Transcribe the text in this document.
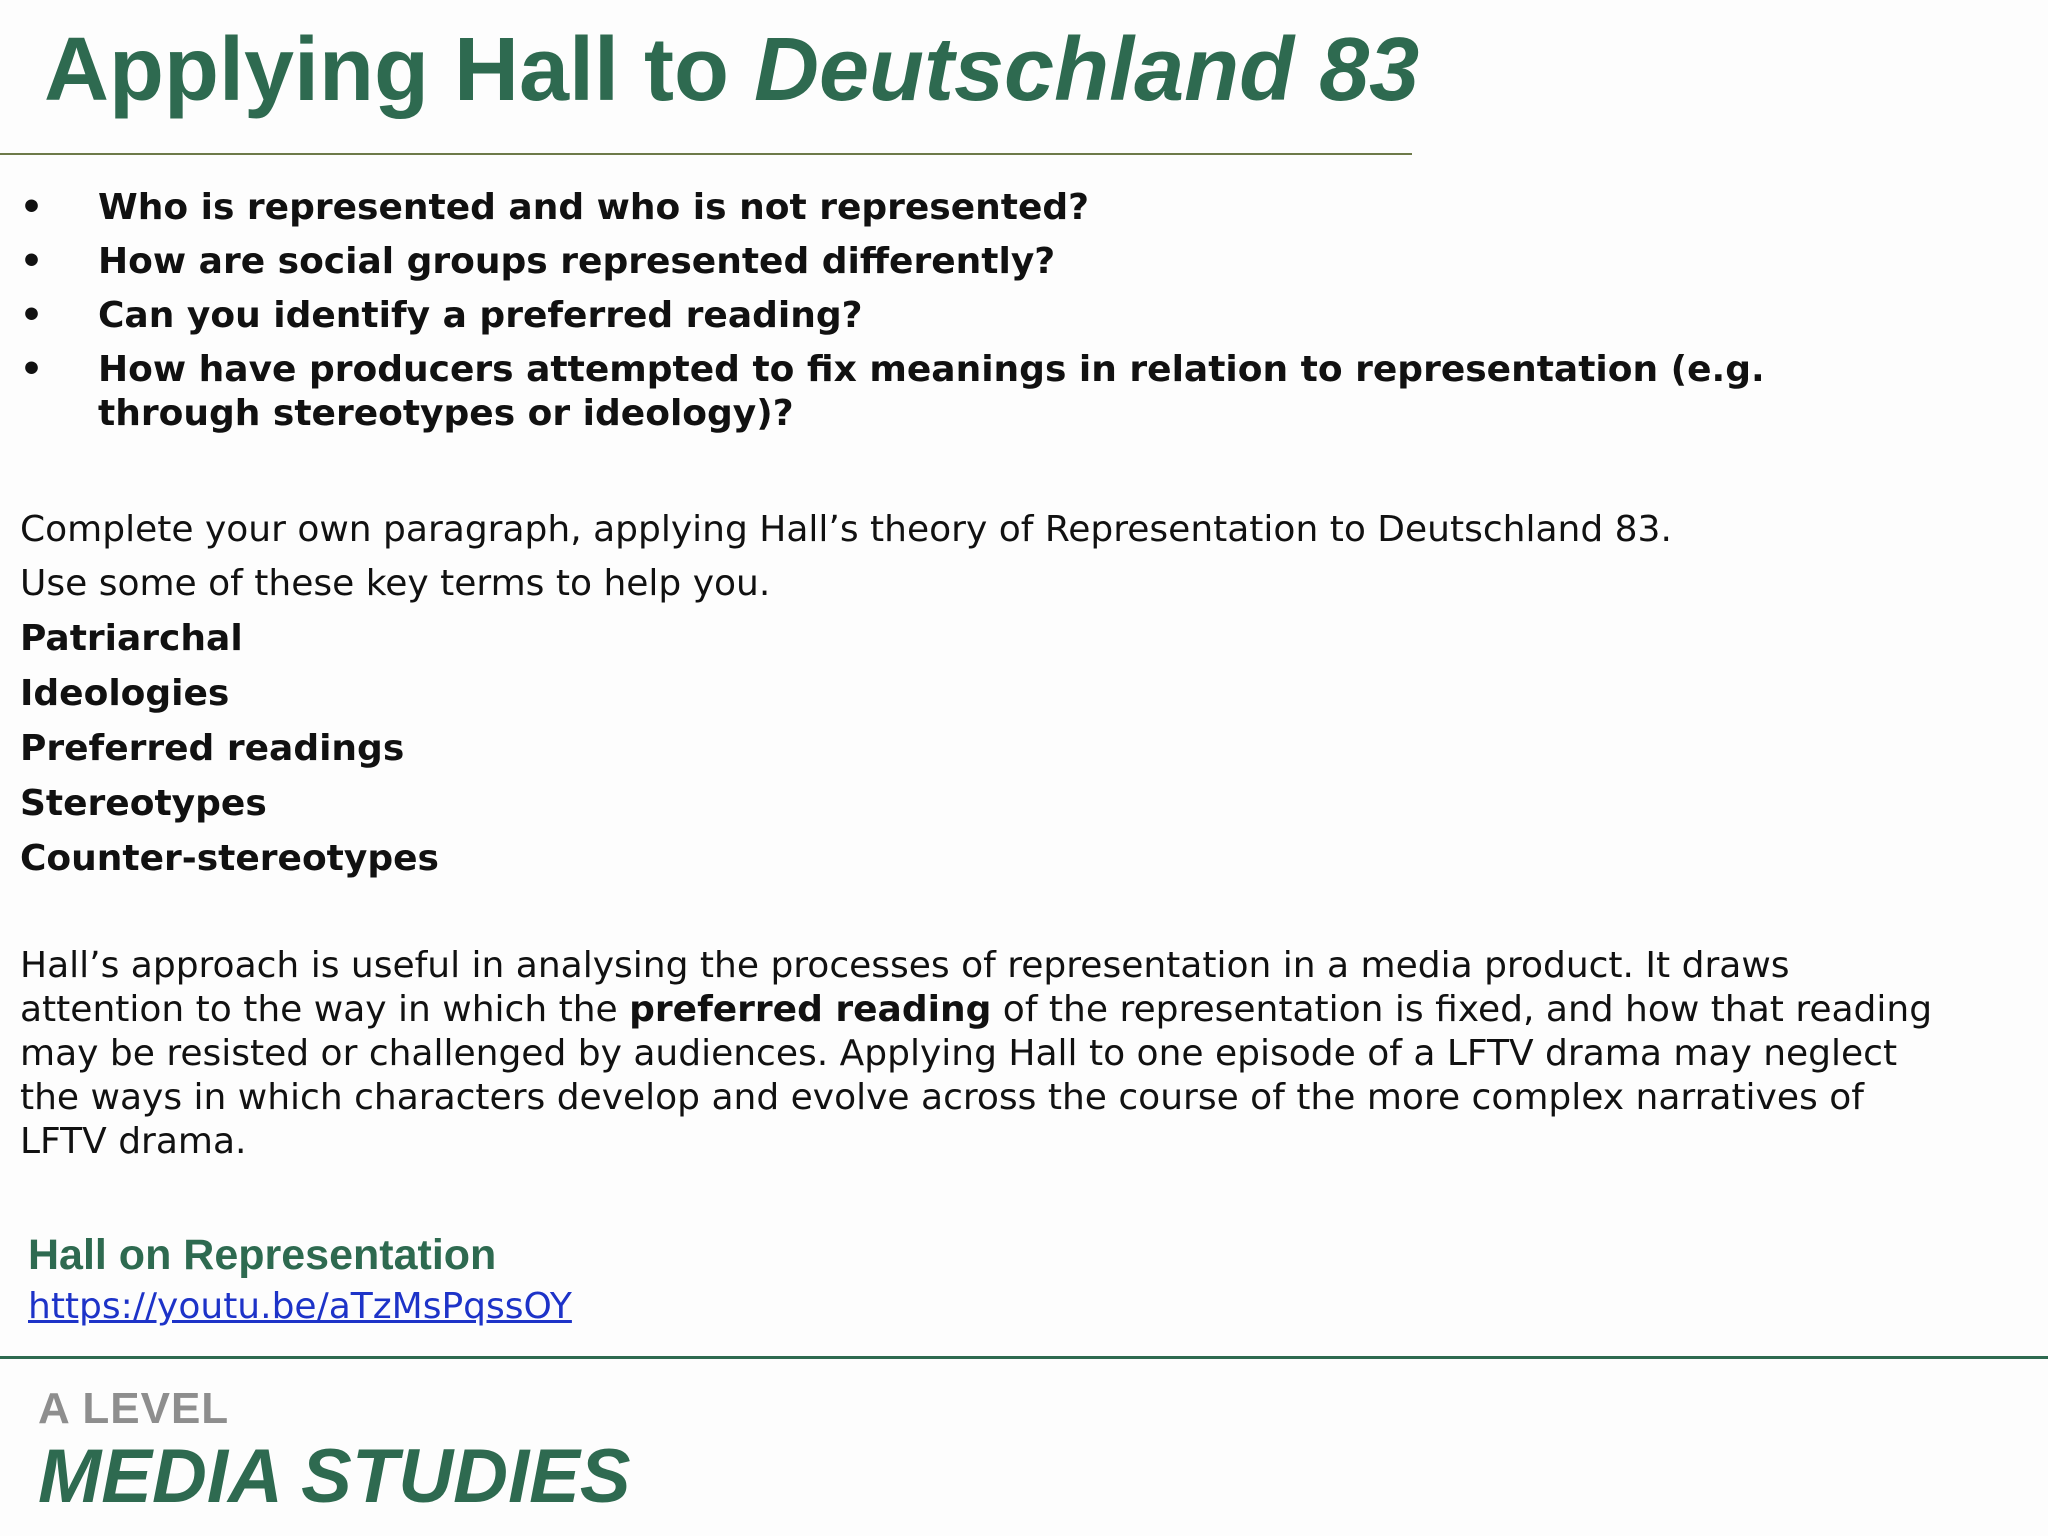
Applying Hall to Deutschland 83
• Who is represented and who is not represented?
• How are social groups represented differently?
• Can you identify a preferred reading?
• How have producers attempted to fix meanings in relation to representation (e.g. through stereotypes or ideology)?
Complete your own paragraph, applying Hall’s theory of Representation to Deutschland 83.
Use some of these key terms to help you.
Patriarchal
Ideologies
Preferred readings
Stereotypes
Counter-stereotypes

Hall’s approach is useful in analysing the processes of representation in a media product. It draws attention to the way in which the preferred reading of the representation is fixed, and how that reading may be resisted or challenged by audiences. Applying Hall to one episode of a LFTV drama may neglect the ways in which characters develop and evolve across the course of the more complex narratives of LFTV drama.

Hall on Representation
https://youtu.be/aTzMsPqssOY
A LEVEL
MEDIA STUDIES
